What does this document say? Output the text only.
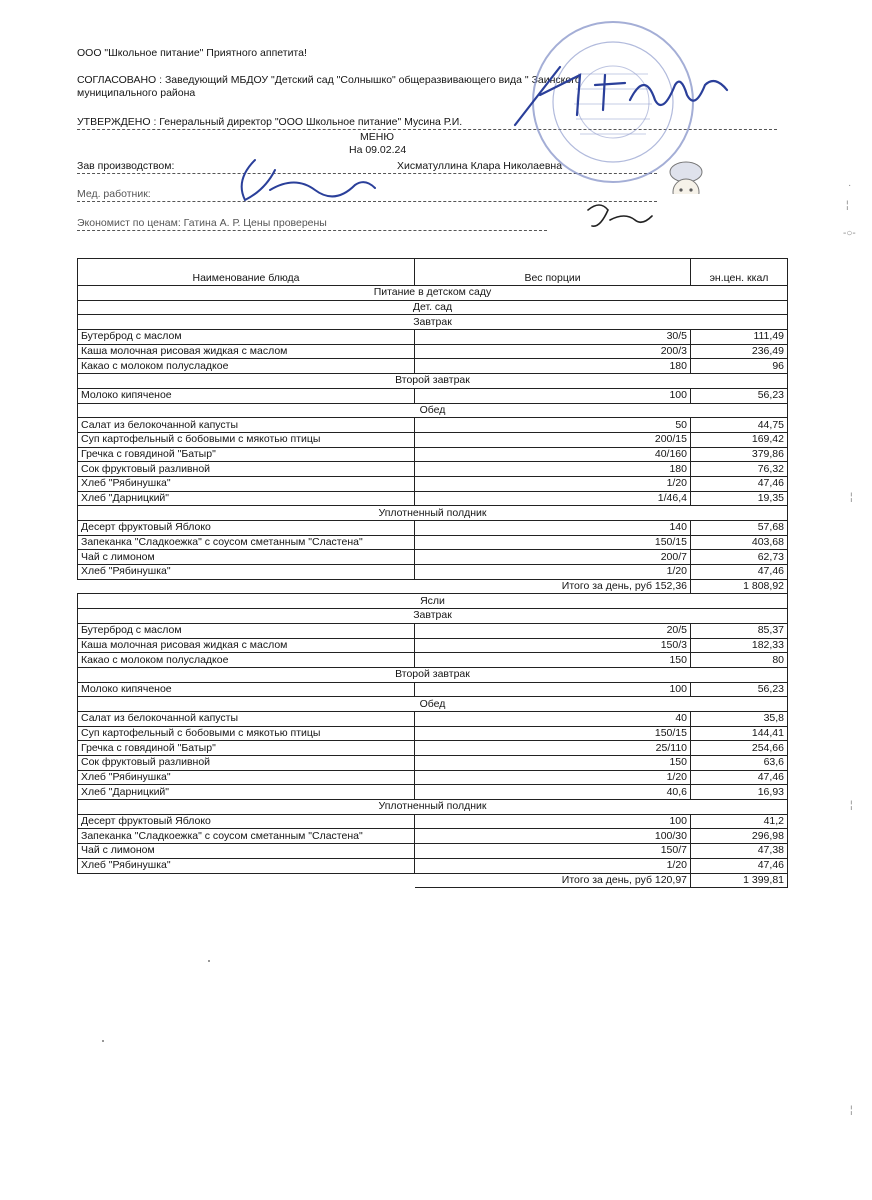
ООО "Школьное питание" Приятного аппетита!
СОГЛАСОВАНО : Заведующий МБДОУ "Детский сад "Солнышко" общеразвивающего вида " Заинского
муниципального района
УТВЕРЖДЕНО : Генеральный директор "ООО Школьное питание" Мусина Р.И.
МЕНЮ
На 09.02.24
Зав производством:	Хисматуллина Клара Николаевна
Мед. работник:
Экономист по ценам: Гатина А. Р. Цены проверены
Наименование блюда	Вес порции	эн.цен. ккал
Питание в детском саду		
Дет. сад		
Завтрак		
Бутерброд с маслом	30/5	111,49
Каша молочная рисовая жидкая с маслом	200/3	236,49
Какао с молоком полусладкое	180	96
Второй завтрак		
Молоко кипяченое	100	56,23
Обед		
Салат из белокочанной капусты	50	44,75
Суп картофельный с бобовыми с мякотью птицы	200/15	169,42
Гречка с говядиной "Батыр"	40/160	379,86
Сок фруктовый разливной	180	76,32
Хлеб "Рябинушка"	1/20	47,46
Хлеб "Дарницкий"	1/46,4	19,35
Уплотненный полдник		
Десерт фруктовый Яблоко	140	57,68
Запеканка "Сладкоежка" с соусом сметанным "Сластена"	150/15	403,68
Чай с лимоном	200/7	62,73
Хлеб "Рябинушка"	1/20	47,46
	Итого за день, руб 152,36	1 808,92
Ясли		
Завтрак		
Бутерброд с маслом	20/5	85,37
Каша молочная рисовая жидкая с маслом	150/3	182,33
Какао с молоком полусладкое	150	80
Второй завтрак		
Молоко кипяченое	100	56,23
Обед		
Салат из белокочанной капусты	40	35,8
Суп картофельный с бобовыми с мякотью птицы	150/15	144,41
Гречка с говядиной "Батыр"	25/110	254,66
Сок фруктовый разливной	150	63,6
Хлеб "Рябинушка"	1/20	47,46
Хлеб "Дарницкий"	40,6	16,93
Уплотненный полдник		
Десерт фруктовый Яблоко	100	41,2
Запеканка "Сладкоежка" с соусом сметанным "Сластена"	100/30	296,98
Чай с лимоном	150/7	47,38
Хлеб "Рябинушка"	1/20	47,46
	Итого за день, руб 120,97	1 399,81
·
¦
-○-
¦
¦
¦
